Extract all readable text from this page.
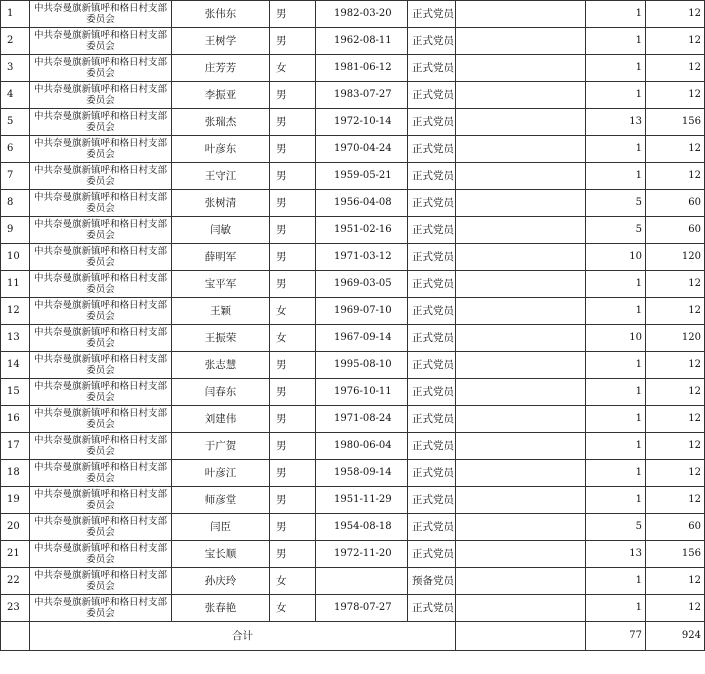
1	中共奈曼旗新镇呼和格日村支部委员会	张伟东	男	1982-03-20	正式党员		1	12
2	中共奈曼旗新镇呼和格日村支部委员会	王树学	男	1962-08-11	正式党员		1	12
3	中共奈曼旗新镇呼和格日村支部委员会	庄芳芳	女	1981-06-12	正式党员		1	12
4	中共奈曼旗新镇呼和格日村支部委员会	李振亚	男	1983-07-27	正式党员		1	12
5	中共奈曼旗新镇呼和格日村支部委员会	张瑞杰	男	1972-10-14	正式党员		13	156
6	中共奈曼旗新镇呼和格日村支部委员会	叶彦东	男	1970-04-24	正式党员		1	12
7	中共奈曼旗新镇呼和格日村支部委员会	王守江	男	1959-05-21	正式党员		1	12
8	中共奈曼旗新镇呼和格日村支部委员会	张树清	男	1956-04-08	正式党员		5	60
9	中共奈曼旗新镇呼和格日村支部委员会	闫敏	男	1951-02-16	正式党员		5	60
10	中共奈曼旗新镇呼和格日村支部委员会	薛明军	男	1971-03-12	正式党员		10	120
11	中共奈曼旗新镇呼和格日村支部委员会	宝平军	男	1969-03-05	正式党员		1	12
12	中共奈曼旗新镇呼和格日村支部委员会	王颖	女	1969-07-10	正式党员		1	12
13	中共奈曼旗新镇呼和格日村支部委员会	王振荣	女	1967-09-14	正式党员		10	120
14	中共奈曼旗新镇呼和格日村支部委员会	张志慧	男	1995-08-10	正式党员		1	12
15	中共奈曼旗新镇呼和格日村支部委员会	闫春东	男	1976-10-11	正式党员		1	12
16	中共奈曼旗新镇呼和格日村支部委员会	刘建伟	男	1971-08-24	正式党员		1	12
17	中共奈曼旗新镇呼和格日村支部委员会	于广贺	男	1980-06-04	正式党员		1	12
18	中共奈曼旗新镇呼和格日村支部委员会	叶彦江	男	1958-09-14	正式党员		1	12
19	中共奈曼旗新镇呼和格日村支部委员会	师彦堂	男	1951-11-29	正式党员		1	12
20	中共奈曼旗新镇呼和格日村支部委员会	闫臣	男	1954-08-18	正式党员		5	60
21	中共奈曼旗新镇呼和格日村支部委员会	宝长顺	男	1972-11-20	正式党员		13	156
22	中共奈曼旗新镇呼和格日村支部委员会	孙庆玲	女		预备党员		1	12
23	中共奈曼旗新镇呼和格日村支部委员会	张春艳	女	1978-07-27	正式党员		1	12
	合计						77	924
